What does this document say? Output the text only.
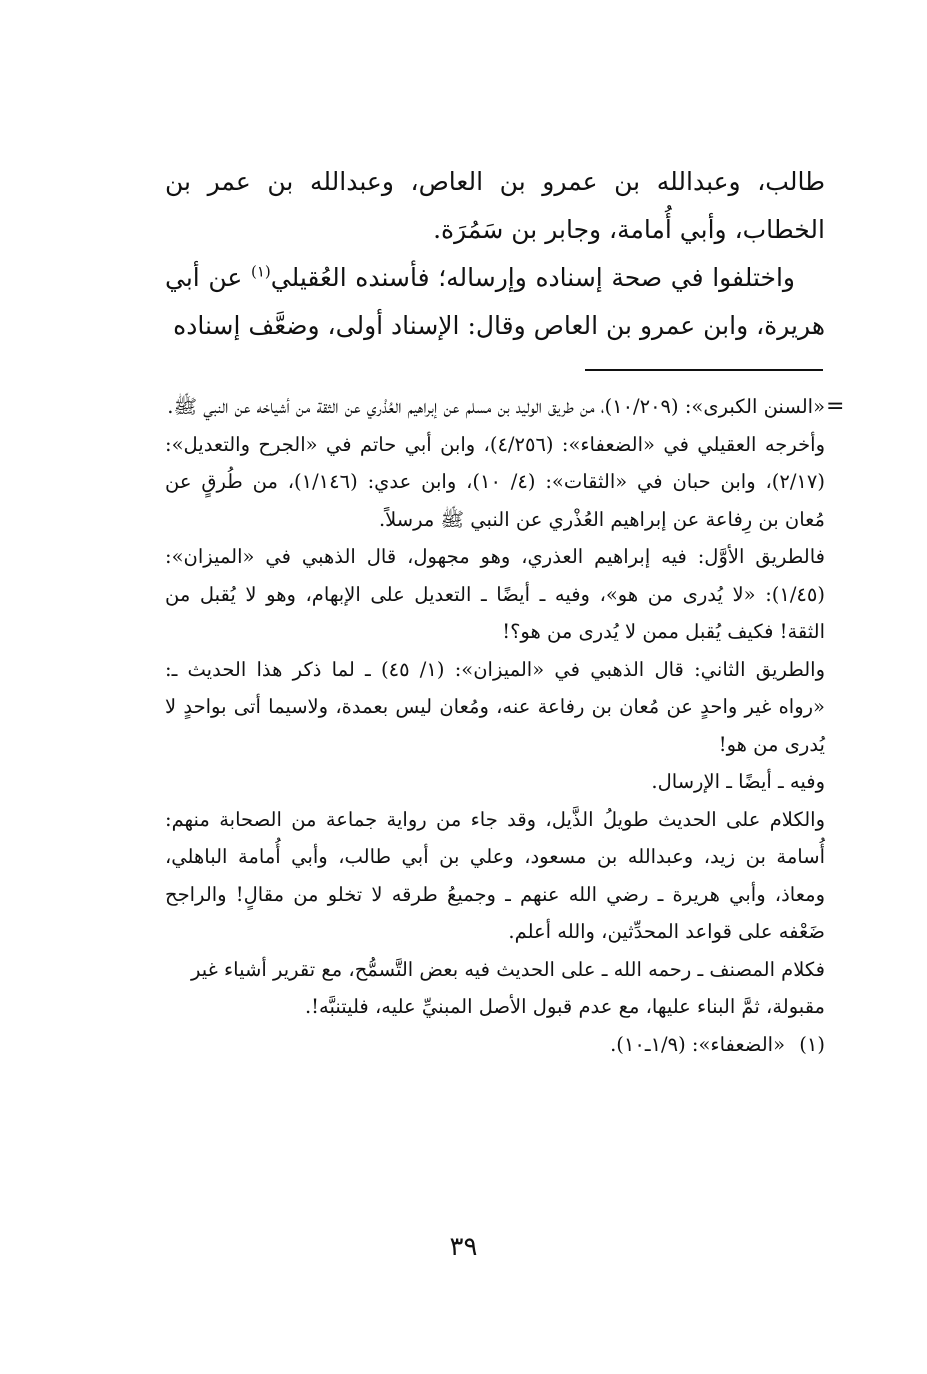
طالب، وعبدالله بن عمرو بن العاص، وعبدالله بن عمر بن الخطاب، وأبي أُمامة، وجابر بن سَمُرَة.

واختلفوا في صحة إسناده وإرساله؛ فأسنده العُقيلي$^{(١)}$ عن أبي هريرة، وابن عمرو بن العاص وقال: الإسناد أولى، وضعَّف إسناده

=

«السنن الكبرى»: (١٠/٢٠٩)، من طريق الوليد بن مسلم عن إبراهيم العُذْري عن الثقة من أشياخه عن النبي ﷺ.

وأخرجه العقيلي في «الضعفاء»: (٤/٢٥٦)، وابن أبي حاتم في «الجرح والتعديل»: (٢/١٧)، وابن حبان في «الثقات»: (٤/ ١٠)، وابن عدي: (١/١٤٦)، من طُرقٍ عن مُعان بن رِفاعة عن إبراهيم العُذْري عن النبي ﷺ مرسلاً.

فالطريق الأوَّل: فيه إبراهيم العذري، وهو مجهول، قال الذهبي في «الميزان»: (١/٤٥): «لا يُدرى من هو»، وفيه ـ أيضًا ـ التعديل على الإبهام، وهو لا يُقبل من الثقة! فكيف يُقبل ممن لا يُدرى من هو؟!

والطريق الثاني: قال الذهبي في «الميزان»: (١/ ٤٥) ـ لما ذكر هذا الحديث ـ: «رواه غير واحدٍ عن مُعان بن رفاعة عنه، ومُعان ليس بعمدة، ولاسيما أتى بواحدٍ لا يُدرى من هو!

وفيه ـ أيضًا ـ الإرسال.

والكلام على الحديث طويلُ الذَّيل، وقد جاء من رواية جماعة من الصحابة منهم: أُسامة بن زيد، وعبدالله بن مسعود، وعلي بن أبي طالب، وأبي أُمامة الباهلي، ومعاذ، وأبي هريرة ـ رضي الله عنهم ـ وجميعُ طرقه لا تخلو من مقالٍ! والراجح ضَعْفه على قواعد المحدِّثين، والله أعلم.

فكلام المصنف ـ رحمه الله ـ على الحديث فيه بعض التَّسمُّح، مع تقرير أشياء غير مقبولة، ثمَّ البناء عليها، مع عدم قبول الأصل المبنيِّ عليه، فليتنبَّه!.

(١)
«الضعفاء»: (١/٩ـ١٠).
٣٩
